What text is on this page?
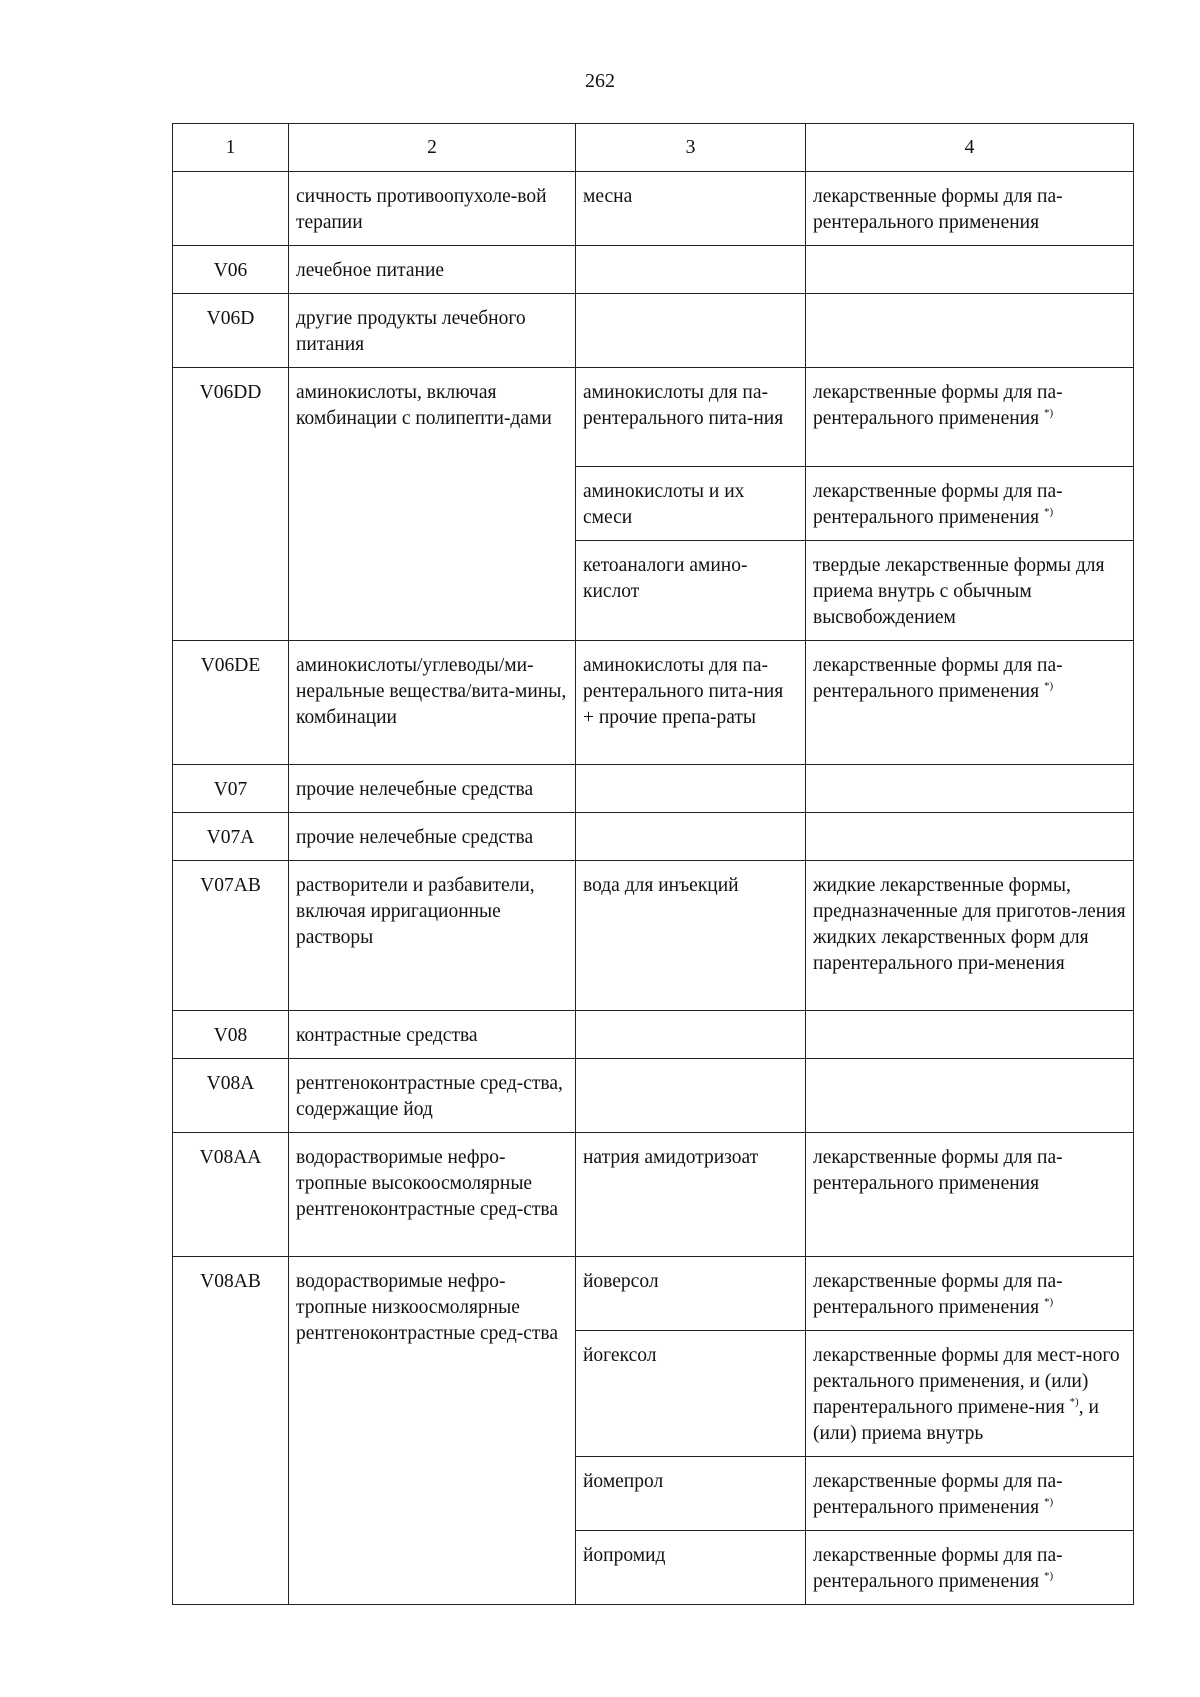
262
1	2	3	4
	сичность противоопухоле-вой терапии	месна	лекарственные формы для па-рентерального применения
V06	лечебное питание		
V06D	другие продукты лечебного питания		
V06DD	аминокислоты, включая комбинации с полипепти-дами	аминокислоты для па-рентерального пита-ния	лекарственные формы для па-рентерального применения *)
		аминокислоты и их смеси	лекарственные формы для па-рентерального применения *)
		кетоаналоги амино-кислот	твердые лекарственные формы для приема внутрь с обычным высвобождением
V06DE	аминокислоты/углеводы/ми-неральные вещества/вита-мины, комбинации	аминокислоты для па-рентерального пита-ния + прочие препа-раты	лекарственные формы для па-рентерального применения *)
V07	прочие нелечебные средства		
V07A	прочие нелечебные средства		
V07AB	растворители и разбавители, включая ирригационные растворы	вода для инъекций	жидкие лекарственные формы, предназначенные для приготов-ления жидких лекарственных форм для парентерального при-менения
V08	контрастные средства		
V08A	рентгеноконтрастные сред-ства, содержащие йод		
V08AA	водорастворимые нефро-тропные высокоосмолярные рентгеноконтрастные сред-ства	натрия амидотризоат	лекарственные формы для па-рентерального применения
V08AB	водорастворимые нефро-тропные низкоосмолярные рентгеноконтрастные сред-ства	йоверсол	лекарственные формы для па-рентерального применения *)
		йогексол	лекарственные формы для мест-ного ректального применения, и (или) парентерального примене-ния *), и (или) приема внутрь
		йомепрол	лекарственные формы для па-рентерального применения *)
		йопромид	лекарственные формы для па-рентерального применения *)
